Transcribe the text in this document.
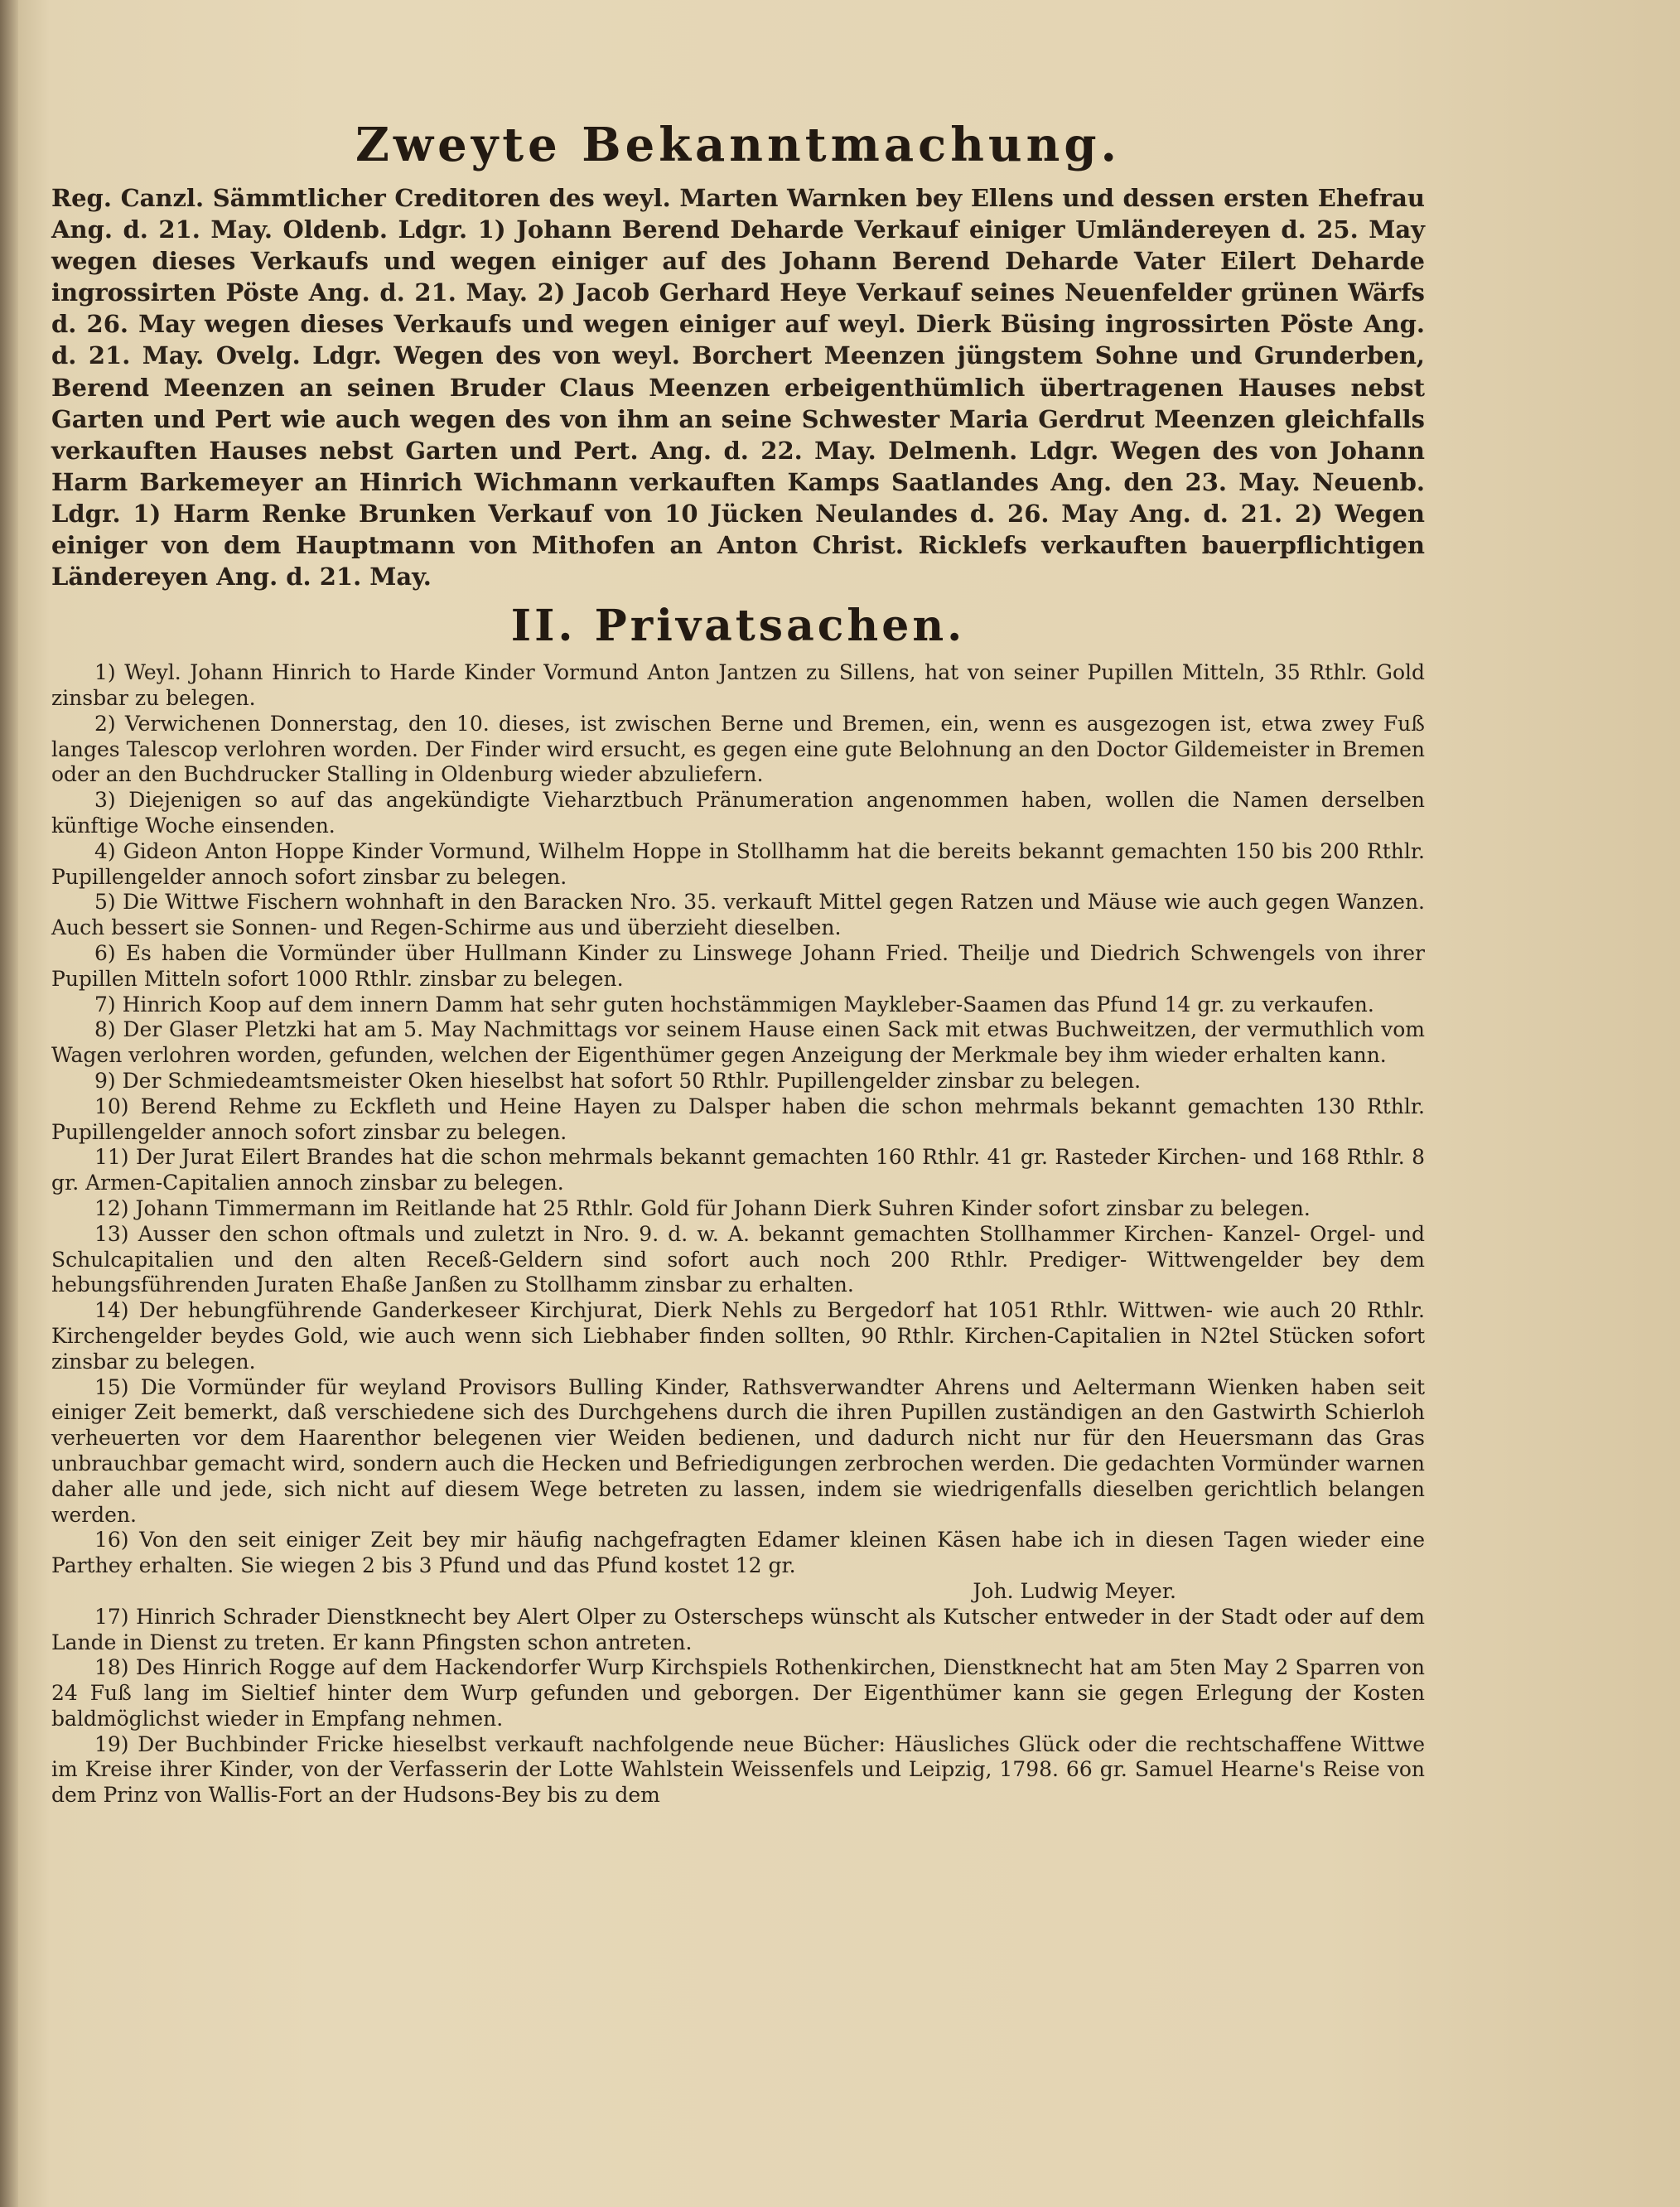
Zweyte Bekanntmachung.

Reg. Canzl. Sämmtlicher Creditoren des weyl. Marten Warnken bey Ellens und dessen ersten Ehefrau Ang. d. 21. May. Oldenb. Ldgr. 1) Johann Berend Deharde Verkauf einiger Umländereyen d. 25. May wegen dieses Verkaufs und wegen einiger auf des Johann Berend Deharde Vater Eilert Deharde ingrossirten Pöste Ang. d. 21. May. 2) Jacob Gerhard Heye Verkauf seines Neuenfelder grünen Wärfs d. 26. May wegen dieses Verkaufs und wegen einiger auf weyl. Dierk Büsing ingrossirten Pöste Ang. d. 21. May. Ovelg. Ldgr. Wegen des von weyl. Borchert Meenzen jüngstem Sohne und Grunderben, Berend Meenzen an seinen Bruder Claus Meenzen erbeigenthümlich übertragenen Hauses nebst Garten und Pert wie auch wegen des von ihm an seine Schwester Maria Gerdrut Meenzen gleichfalls verkauften Hauses nebst Garten und Pert. Ang. d. 22. May. Delmenh. Ldgr. Wegen des von Johann Harm Barkemeyer an Hinrich Wichmann verkauften Kamps Saatlandes Ang. den 23. May. Neuenb. Ldgr. 1) Harm Renke Brunken Verkauf von 10 Jücken Neulandes d. 26. May Ang. d. 21. 2) Wegen einiger von dem Hauptmann von Mithofen an Anton Christ. Ricklefs verkauften bauerpflichtigen Ländereyen Ang. d. 21. May.

II. Privatsachen.

1) Weyl. Johann Hinrich to Harde Kinder Vormund Anton Jantzen zu Sillens, hat von seiner Pupillen Mitteln, 35 Rthlr. Gold zinsbar zu belegen.

2) Verwichenen Donnerstag, den 10. dieses, ist zwischen Berne und Bremen, ein, wenn es ausgezogen ist, etwa zwey Fuß langes Talescop verlohren worden. Der Finder wird ersucht, es gegen eine gute Belohnung an den Doctor Gildemeister in Bremen oder an den Buchdrucker Stalling in Oldenburg wieder abzuliefern.

3) Diejenigen so auf das angekündigte Vieharztbuch Pränumeration angenommen haben, wollen die Namen derselben künftige Woche einsenden.

4) Gideon Anton Hoppe Kinder Vormund, Wilhelm Hoppe in Stollhamm hat die bereits bekannt gemachten 150 bis 200 Rthlr. Pupillengelder annoch sofort zinsbar zu belegen.

5) Die Wittwe Fischern wohnhaft in den Baracken Nro. 35. verkauft Mittel gegen Ratzen und Mäuse wie auch gegen Wanzen. Auch bessert sie Sonnen- und Regen-Schirme aus und überzieht dieselben.

6) Es haben die Vormünder über Hullmann Kinder zu Linswege Johann Fried. Theilje und Diedrich Schwengels von ihrer Pupillen Mitteln sofort 1000 Rthlr. zinsbar zu belegen.

7) Hinrich Koop auf dem innern Damm hat sehr guten hochstämmigen Maykleber-Saamen das Pfund 14 gr. zu verkaufen.

8) Der Glaser Pletzki hat am 5. May Nachmittags vor seinem Hause einen Sack mit etwas Buchweitzen, der vermuthlich vom Wagen verlohren worden, gefunden, welchen der Eigenthümer gegen Anzeigung der Merkmale bey ihm wieder erhalten kann.

9) Der Schmiedeamtsmeister Oken hieselbst hat sofort 50 Rthlr. Pupillengelder zinsbar zu belegen.

10) Berend Rehme zu Eckfleth und Heine Hayen zu Dalsper haben die schon mehrmals bekannt gemachten 130 Rthlr. Pupillengelder annoch sofort zinsbar zu belegen.

11) Der Jurat Eilert Brandes hat die schon mehrmals bekannt gemachten 160 Rthlr. 41 gr. Rasteder Kirchen- und 168 Rthlr. 8 gr. Armen-Capitalien annoch zinsbar zu belegen.

12) Johann Timmermann im Reitlande hat 25 Rthlr. Gold für Johann Dierk Suhren Kinder sofort zinsbar zu belegen.

13) Ausser den schon oftmals und zuletzt in Nro. 9. d. w. A. bekannt gemachten Stollhammer Kirchen- Kanzel- Orgel- und Schulcapitalien und den alten Receß-Geldern sind sofort auch noch 200 Rthlr. Prediger- Wittwengelder bey dem hebungsführenden Juraten Ehaße Janßen zu Stollhamm zinsbar zu erhalten.

14) Der hebungführende Ganderkeseer Kirchjurat, Dierk Nehls zu Bergedorf hat 1051 Rthlr. Wittwen- wie auch 20 Rthlr. Kirchengelder beydes Gold, wie auch wenn sich Liebhaber finden sollten, 90 Rthlr. Kirchen-Capitalien in N2tel Stücken sofort zinsbar zu belegen.

15) Die Vormünder für weyland Provisors Bulling Kinder, Rathsverwandter Ahrens und Aeltermann Wienken haben seit einiger Zeit bemerkt, daß verschiedene sich des Durchgehens durch die ihren Pupillen zuständigen an den Gastwirth Schierloh verheuerten vor dem Haarenthor belegenen vier Weiden bedienen, und dadurch nicht nur für den Heuersmann das Gras unbrauchbar gemacht wird, sondern auch die Hecken und Befriedigungen zerbrochen werden. Die gedachten Vormünder warnen daher alle und jede, sich nicht auf diesem Wege betreten zu lassen, indem sie wiedrigenfalls dieselben gerichtlich belangen werden.

16) Von den seit einiger Zeit bey mir häufig nachgefragten Edamer kleinen Käsen habe ich in diesen Tagen wieder eine Parthey erhalten. Sie wiegen 2 bis 3 Pfund und das Pfund kostet 12 gr.

Joh. Ludwig Meyer.

17) Hinrich Schrader Dienstknecht bey Alert Olper zu Osterscheps wünscht als Kutscher entweder in der Stadt oder auf dem Lande in Dienst zu treten. Er kann Pfingsten schon antreten.

18) Des Hinrich Rogge auf dem Hackendorfer Wurp Kirchspiels Rothenkirchen, Dienstknecht hat am 5ten May 2 Sparren von 24 Fuß lang im Sieltief hinter dem Wurp gefunden und geborgen. Der Eigenthümer kann sie gegen Erlegung der Kosten baldmöglichst wieder in Empfang nehmen.

19) Der Buchbinder Fricke hieselbst verkauft nachfolgende neue Bücher: Häusliches Glück oder die rechtschaffene Wittwe im Kreise ihrer Kinder, von der Verfasserin der Lotte Wahlstein Weissenfels und Leipzig, 1798. 66 gr. Samuel Hearne's Reise von dem Prinz von Wallis-Fort an der Hudsons-Bey bis zu dem
